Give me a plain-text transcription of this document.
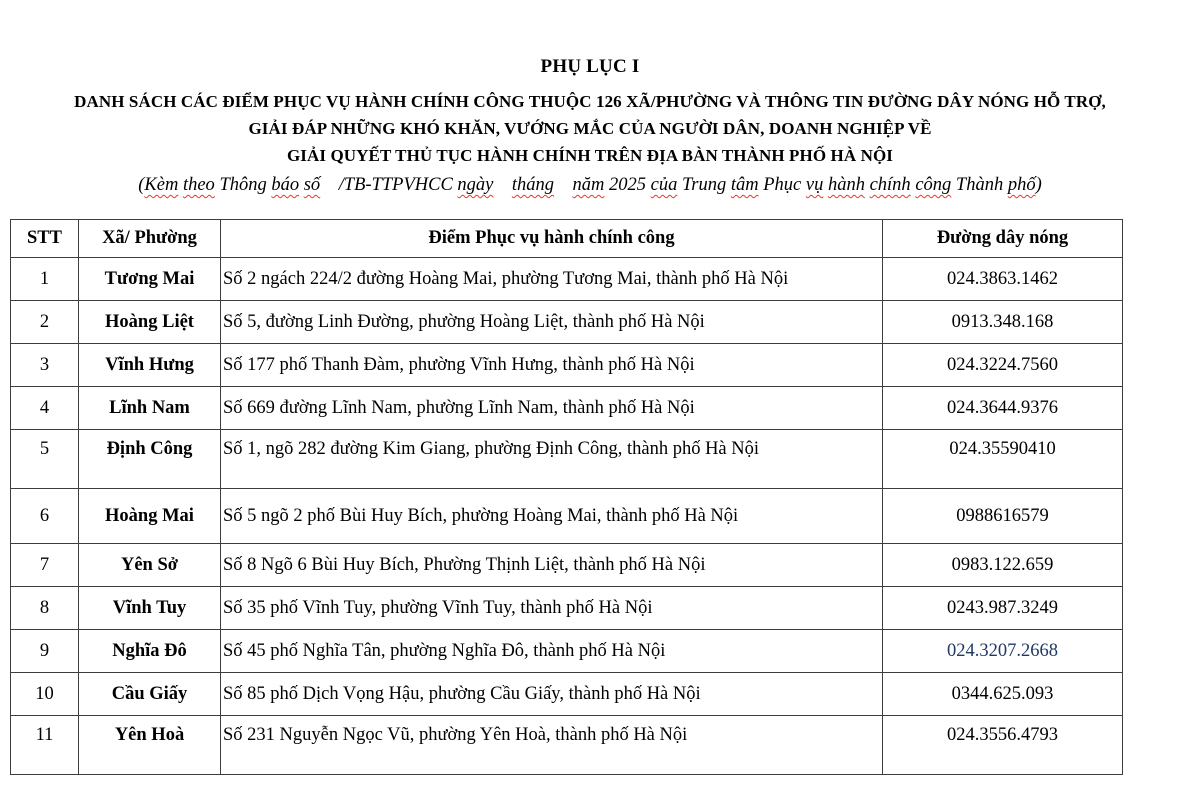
PHỤ LỤC I
DANH SÁCH CÁC ĐIỂM PHỤC VỤ HÀNH CHÍNH CÔNG THUỘC 126 XÃ/PHƯỜNG VÀ THÔNG TIN ĐƯỜNG DÂY NÓNG HỖ TRỢ,
GIẢI ĐÁP NHỮNG KHÓ KHĂN, VƯỚNG MẮC CỦA NGƯỜI DÂN, DOANH NGHIỆP VỀ
GIẢI QUYẾT THỦ TỤC HÀNH CHÍNH TRÊN ĐỊA BÀN THÀNH PHỐ HÀ NỘI
(Kèm theo Thông báo số    /TB-TTPVHCC ngày tháng năm 2025 của Trung tâm Phục vụ hành chính công Thành phố)
STT	Xã/ Phường	Điểm Phục vụ hành chính công	Đường dây nóng
1	Tương Mai	Số 2 ngách 224/2 đường Hoàng Mai, phường Tương Mai, thành phố Hà Nội	024.3863.1462
2	Hoàng Liệt	Số 5, đường Linh Đường, phường Hoàng Liệt, thành phố Hà Nội	0913.348.168
3	Vĩnh Hưng	Số 177 phố Thanh Đàm, phường Vĩnh Hưng, thành phố Hà Nội	024.3224.7560
4	Lĩnh Nam	Số 669 đường Lĩnh Nam, phường Lĩnh Nam, thành phố Hà Nội	024.3644.9376
5	Định Công	Số 1, ngõ 282 đường Kim Giang, phường Định Công, thành phố Hà Nội	024.35590410
6	Hoàng Mai	Số 5 ngõ 2 phố Bùi Huy Bích, phường Hoàng Mai, thành phố Hà Nội	0988616579
7	Yên Sở	Số 8 Ngõ 6 Bùi Huy Bích, Phường Thịnh Liệt, thành phố Hà Nội	0983.122.659
8	Vĩnh Tuy	Số 35 phố Vĩnh Tuy, phường Vĩnh Tuy, thành phố Hà Nội	0243.987.3249
9	Nghĩa Đô	Số 45 phố Nghĩa Tân, phường Nghĩa Đô, thành phố Hà Nội	024.3207.2668
10	Cầu Giấy	Số 85 phố Dịch Vọng Hậu, phường Cầu Giấy, thành phố Hà Nội	0344.625.093
11	Yên Hoà	Số 231 Nguyễn Ngọc Vũ, phường Yên Hoà, thành phố Hà Nội	024.3556.4793
